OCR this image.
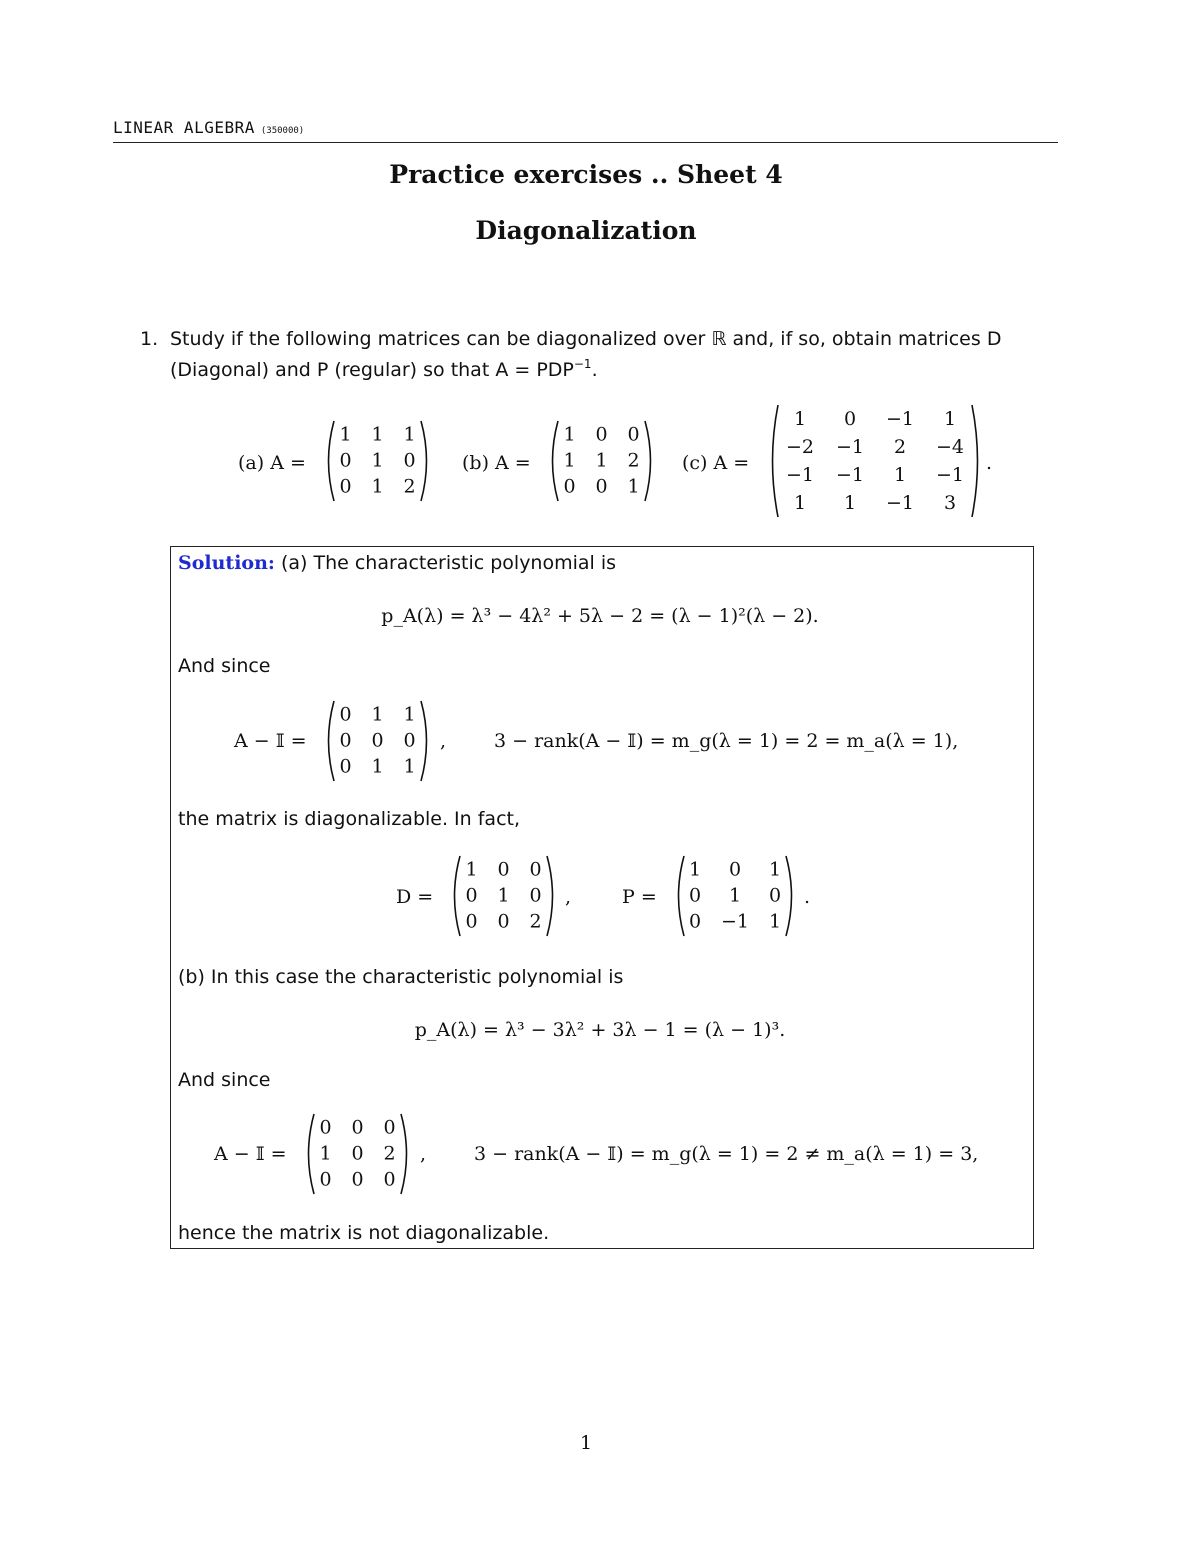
LINEAR ALGEBRA (350000)
Practice exercises .. Sheet 4
Diagonalization
1. Study if the following matrices can be diagonalized over ℝ and, if so, obtain matrices D
(Diagonal) and P (regular) so that $A = PDP^{-1}$.
(a) A =
1 1 1
0 1 0
0 1 2
(b) A =
1 0 0
1 1 2
0 0 1
(c) A =
1 0 −1 1
−2 −1 2 −4
−1 −1 1 −1
1 1 −1 3
.
Solution: (a) The characteristic polynomial is
p_A(λ) = λ³ − 4λ² + 5λ − 2 = (λ − 1)²(λ − 2).
And since
A − 𝕀 =
0 1 1
0 0 0
0 1 1
,	3 − rank(A − 𝕀) = m_g(λ = 1) = 2 = m_a(λ = 1),
the matrix is diagonalizable. In fact,
D =
1 0 0
0 1 0
0 0 2
,	P =
1 0 1
0 1 0
0 −1 1
.
(b) In this case the characteristic polynomial is
p_A(λ) = λ³ − 3λ² + 3λ − 1 = (λ − 1)³.
And since
A − 𝕀 =
0 0 0
1 0 2
0 0 0
,	3 − rank(A − 𝕀) = m_g(λ = 1) = 2 ≠ m_a(λ = 1) = 3,
hence the matrix is not diagonalizable.
1
